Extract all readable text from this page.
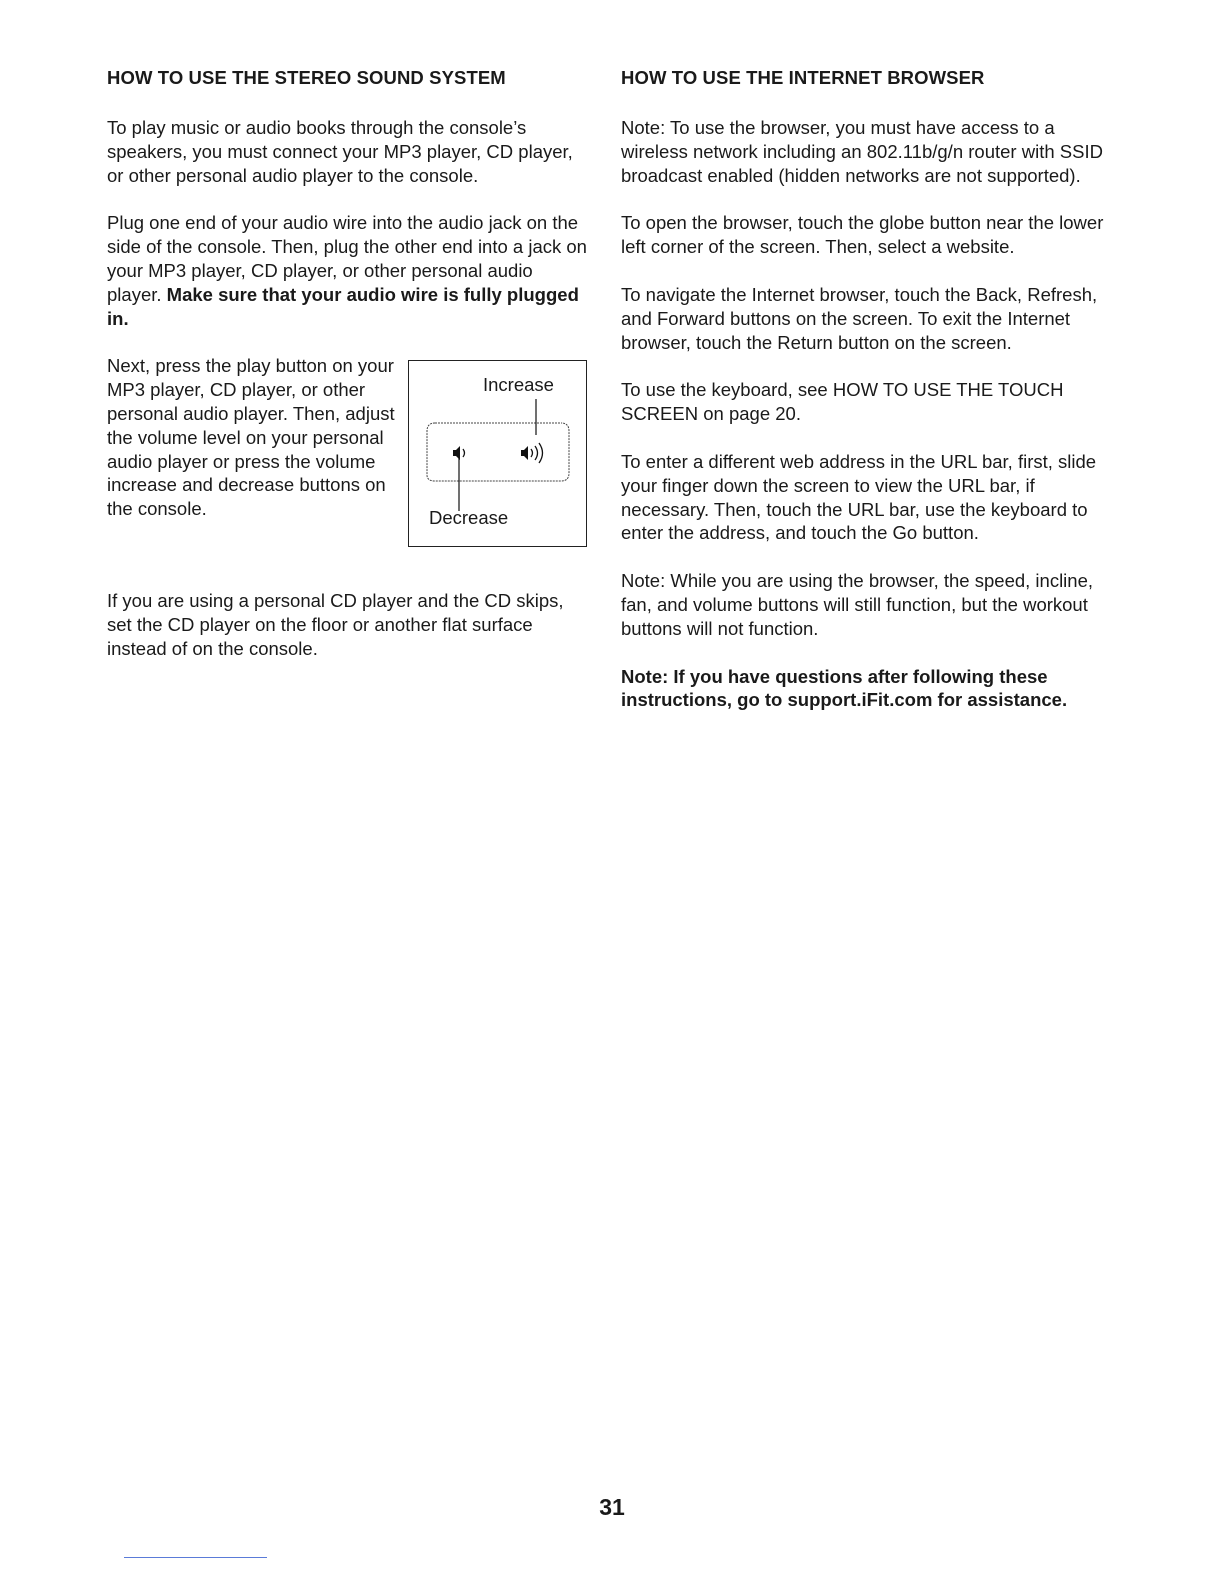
HOW TO USE THE STEREO SOUND SYSTEM

To play music or audio books through the console’s speakers, you must connect your MP3 player, CD player, or other personal audio player to the console.

Plug one end of your audio wire into the audio jack on the side of the console. Then, plug the other end into a jack on your MP3 player, CD player, or other personal audio player. Make sure that your audio wire is fully plugged in.

Next, press the play button on your MP3 player, CD player, or other personal audio player. Then, adjust the volume level on your personal audio player or press the volume increase and decrease buttons on the console.

Increase
Decrease

If you are using a personal CD player and the CD skips, set the CD player on the floor or another flat surface instead of on the console.

HOW TO USE THE INTERNET BROWSER

Note: To use the browser, you must have access to a wireless network including an 802.11b/g/n router with SSID broadcast enabled (hidden networks are not supported).

To open the browser, touch the globe button near the lower left corner of the screen. Then, select a website.

To navigate the Internet browser, touch the Back, Refresh, and Forward buttons on the screen. To exit the Internet browser, touch the Return button on the screen.

To use the keyboard, see HOW TO USE THE TOUCH SCREEN on page 20.

To enter a different web address in the URL bar, first, slide your finger down the screen to view the URL bar, if necessary. Then, touch the URL bar, use the keyboard to enter the address, and touch the Go button.

Note: While you are using the browser, the speed, incline, fan, and volume buttons will still function, but the workout buttons will not function.

Note: If you have questions after following these instructions, go to support.iFit.com for assistance.

31
